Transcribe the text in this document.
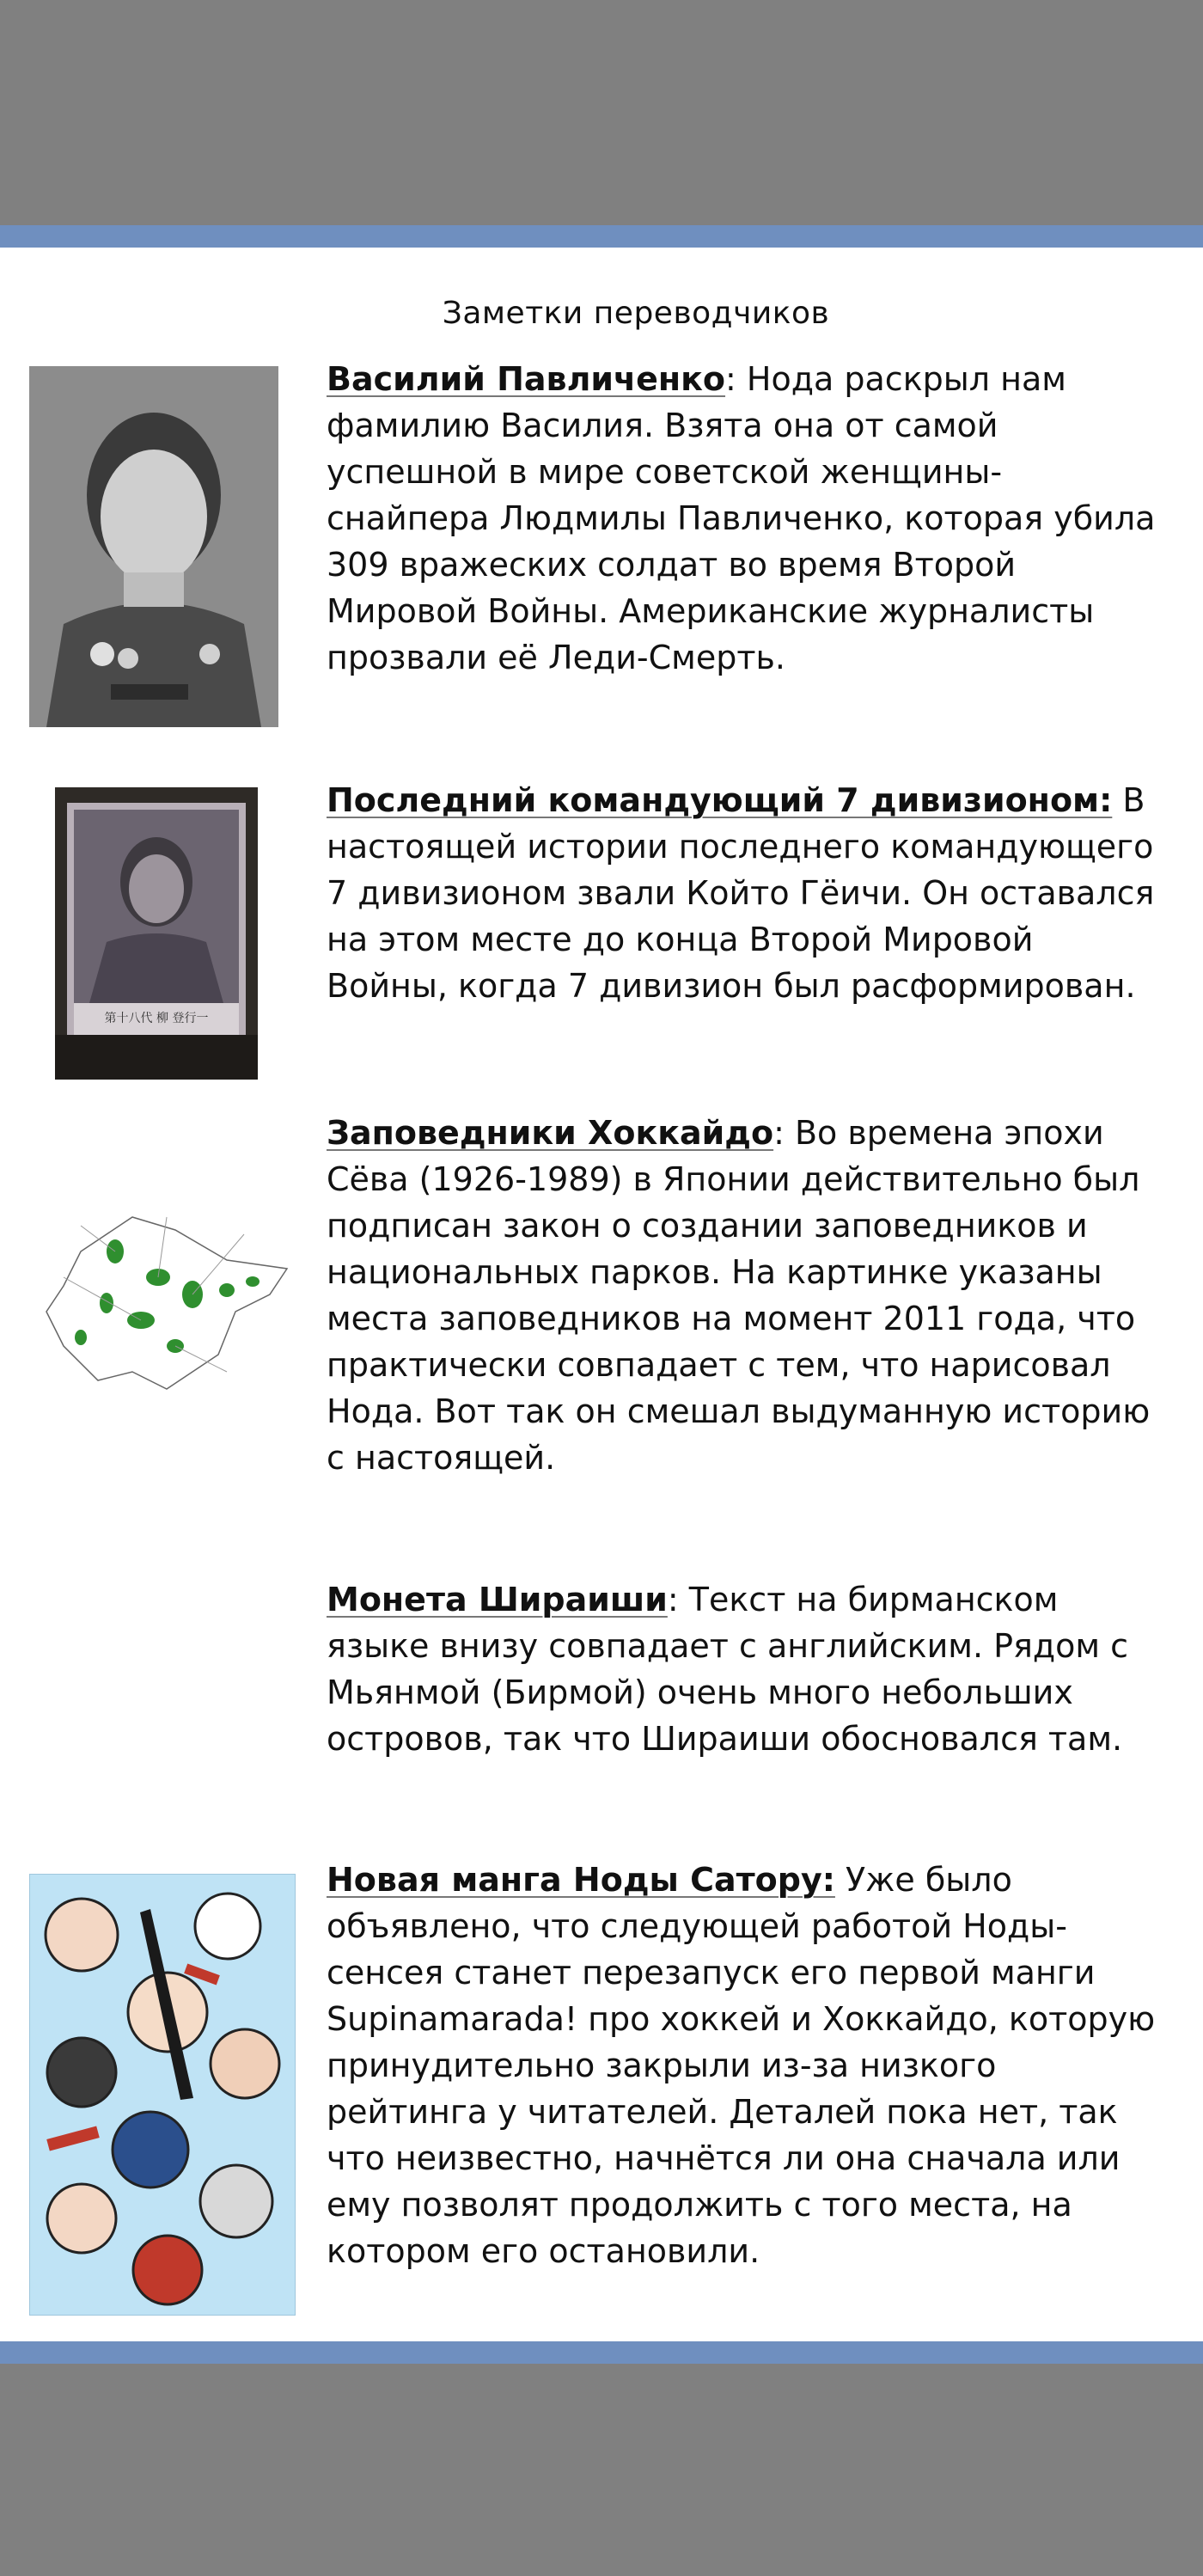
Заметки переводчиков
Василий Павличенко: Нода раскрыл нам фамилию Василия. Взята она от самой успешной в мире советской женщины-снайпера Людмилы Павличенко, которая убила 309 вражеских солдат во время Второй Мировой Войны. Американские журналисты прозвали её Леди-Смерть.
第十八代 柳 登行一
Последний командующий 7 дивизионом: В настоящей истории последнего командующего 7 дивизионом звали Който Гёичи. Он оставался на этом месте до конца Второй Мировой Войны, когда 7 дивизион был расформирован.
Заповедники Хоккайдо: Во времена эпохи Сёва (1926-1989) в Японии действительно был подписан закон о создании заповедников и национальных парков. На картинке указаны места заповедников на момент 2011 года, что практически совпадает с тем, что нарисовал Нода. Вот так он смешал выдуманную историю с настоящей.
Монета Шираиши: Текст на бирманском языке внизу совпадает с английским. Рядом с Мьянмой (Бирмой) очень много небольших островов, так что Шираиши обосновался там.
Новая манга Ноды Сатору: Уже было объявлено, что следующей работой Ноды-сенсея станет перезапуск его первой манги Supinamarada! про хоккей и Хоккайдо, которую принудительно закрыли из-за низкого рейтинга у читателей. Деталей пока нет, так что неизвестно, начнётся ли она сначала или ему позволят продолжить с того места, на котором его остановили.
